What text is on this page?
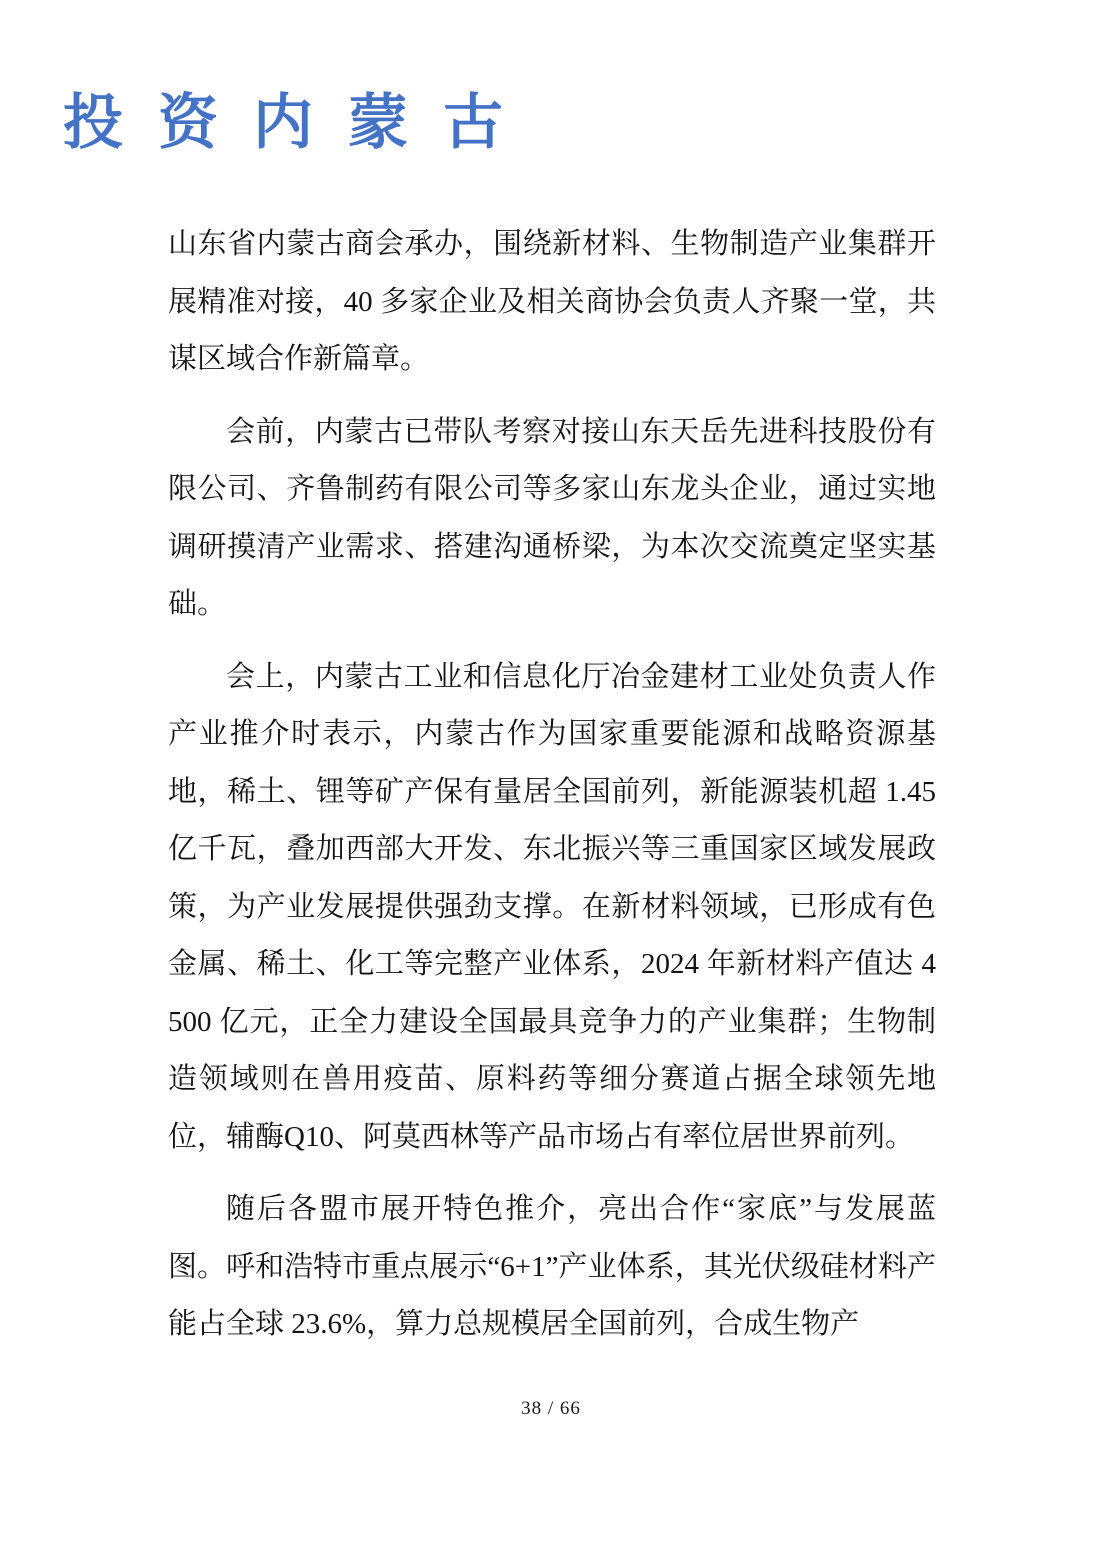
投 资 内 蒙 古

山东省内蒙古商会承办，围绕新材料、生物制造产业集群开展精准对接，40 多家企业及相关商协会负责人齐聚一堂，共谋区域合作新篇章。

会前，内蒙古已带队考察对接山东天岳先进科技股份有限公司、齐鲁制药有限公司等多家山东龙头企业，通过实地调研摸清产业需求、搭建沟通桥梁，为本次交流奠定坚实基础。

会上，内蒙古工业和信息化厅冶金建材工业处负责人作产业推介时表示，内蒙古作为国家重要能源和战略资源基地，稀土、锂等矿产保有量居全国前列，新能源装机超 1.45 亿千瓦，叠加西部大开发、东北振兴等三重国家区域发展政策，为产业发展提供强劲支撑。在新材料领域，已形成有色金属、稀土、化工等完整产业体系，2024 年新材料产值达 4500 亿元，正全力建设全国最具竞争力的产业集群；生物制造领域则在兽用疫苗、原料药等细分赛道占据全球领先地位，辅酶Q10、阿莫西林等产品市场占有率位居世界前列。

随后各盟市展开特色推介，亮出合作“家底”与发展蓝图。呼和浩特市重点展示“6+1”产业体系，其光伏级硅材料产能占全球 23.6%，算力总规模居全国前列，合成生物产

38 / 66
